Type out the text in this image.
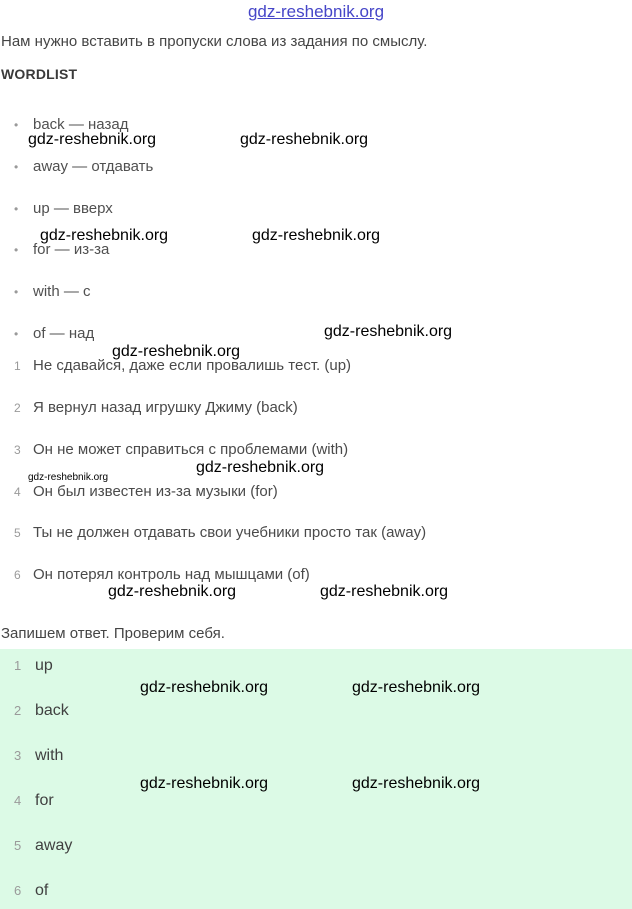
gdz-reshebnik.org
Нам нужно вставить в пропуски слова из задания по смыслу.
WORDLIST
• back — назад
• away — отдавать
• up — вверх
• for — из-за
• with — с
• of — над
1 Не сдавайся, даже если провалишь тест. (up)
2 Я вернул назад игрушку Джиму (back)
3 Он не может справиться с проблемами (with)
4 Он был известен из-за музыки (for)
5 Ты не должен отдавать свои учебники просто так (away)
6 Он потерял контроль над мышцами (of)
Запишем ответ. Проверим себя.
1 up
2 back
3 with
4 for
5 away
6 of
gdz-reshebnik.org	gdz-reshebnik.org
gdz-reshebnik.org	gdz-reshebnik.org
gdz-reshebnik.org
gdz-reshebnik.org
gdz-reshebnik.org
gdz-reshebnik.org
gdz-reshebnik.org	gdz-reshebnik.org
gdz-reshebnik.org	gdz-reshebnik.org
gdz-reshebnik.org	gdz-reshebnik.org
